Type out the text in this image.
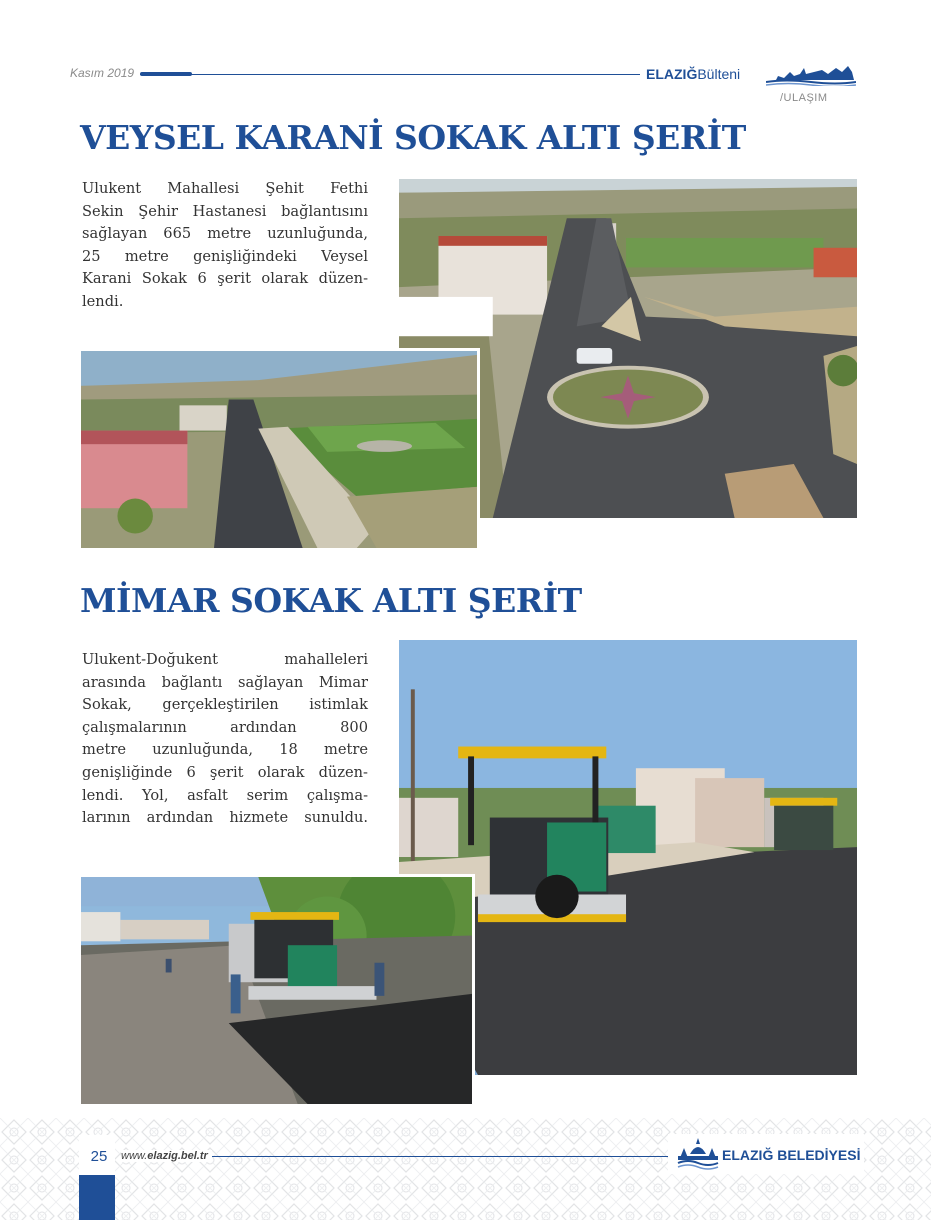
Kasım 2019	ELAZIĞBülteni
/ULAŞIM
VEYSEL KARANİ SOKAK ALTI ŞERİT
Ulukent Mahallesi Şehit Fethi
Sekin Şehir Hastanesi bağlantısını
sağlayan 665 metre uzunluğunda,
25 metre genişliğindeki Veysel
Karani Sokak 6 şerit olarak düzen-
lendi.
MİMAR SOKAK ALTI ŞERİT
Ulukent-Doğukent mahalleleri
arasında bağlantı sağlayan Mimar
Sokak, gerçekleştirilen istimlak
çalışmalarının ardından 800
metre uzunluğunda, 18 metre
genişliğinde 6 şerit olarak düzen-
lendi. Yol, asfalt serim çalışma-
larının ardından hizmete sunuldu.
25	www.elazig.bel.tr	ELAZIĞ BELEDİYESİ
